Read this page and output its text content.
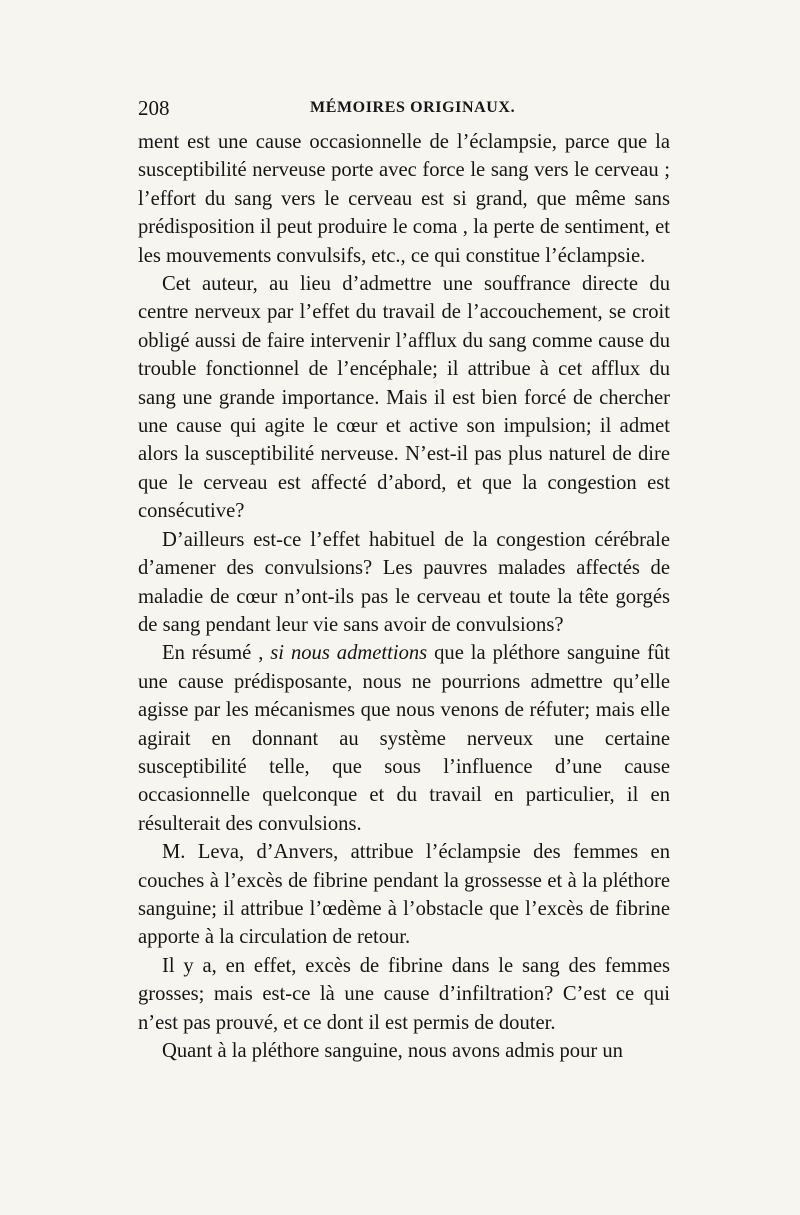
208	MÉMOIRES ORIGINAUX.

ment est une cause occasionnelle de l’éclampsie, parce que la susceptibilité nerveuse porte avec force le sang vers le cerveau ; l’effort du sang vers le cerveau est si grand, que même sans prédisposition il peut produire le coma , la perte de sentiment, et les mouvements convulsifs, etc., ce qui constitue l’éclampsie.

Cet auteur, au lieu d’admettre une souffrance directe du centre nerveux par l’effet du travail de l’accouchement, se croit obligé aussi de faire intervenir l’afflux du sang comme cause du trouble fonctionnel de l’encéphale; il attribue à cet afflux du sang une grande importance. Mais il est bien forcé de chercher une cause qui agite le cœur et active son impulsion; il admet alors la susceptibilité nerveuse. N’est-il pas plus naturel de dire que le cerveau est affecté d’abord, et que la congestion est consécutive?

D’ailleurs est-ce l’effet habituel de la congestion cérébrale d’amener des convulsions? Les pauvres malades affectés de maladie de cœur n’ont-ils pas le cerveau et toute la tête gorgés de sang pendant leur vie sans avoir de convulsions?

En résumé , si nous admettions que la pléthore sanguine fût une cause prédisposante, nous ne pourrions admettre qu’elle agisse par les mécanismes que nous venons de réfuter; mais elle agirait en donnant au système nerveux une certaine susceptibilité telle, que sous l’influence d’une cause occasionnelle quelconque et du travail en particulier, il en résulterait des convulsions.

M. Leva, d’Anvers, attribue l’éclampsie des femmes en couches à l’excès de fibrine pendant la grossesse et à la pléthore sanguine; il attribue l’œdème à l’obstacle que l’excès de fibrine apporte à la circulation de retour.

Il y a, en effet, excès de fibrine dans le sang des femmes grosses; mais est-ce là une cause d’infiltration? C’est ce qui n’est pas prouvé, et ce dont il est permis de douter.

Quant à la pléthore sanguine, nous avons admis pour un
